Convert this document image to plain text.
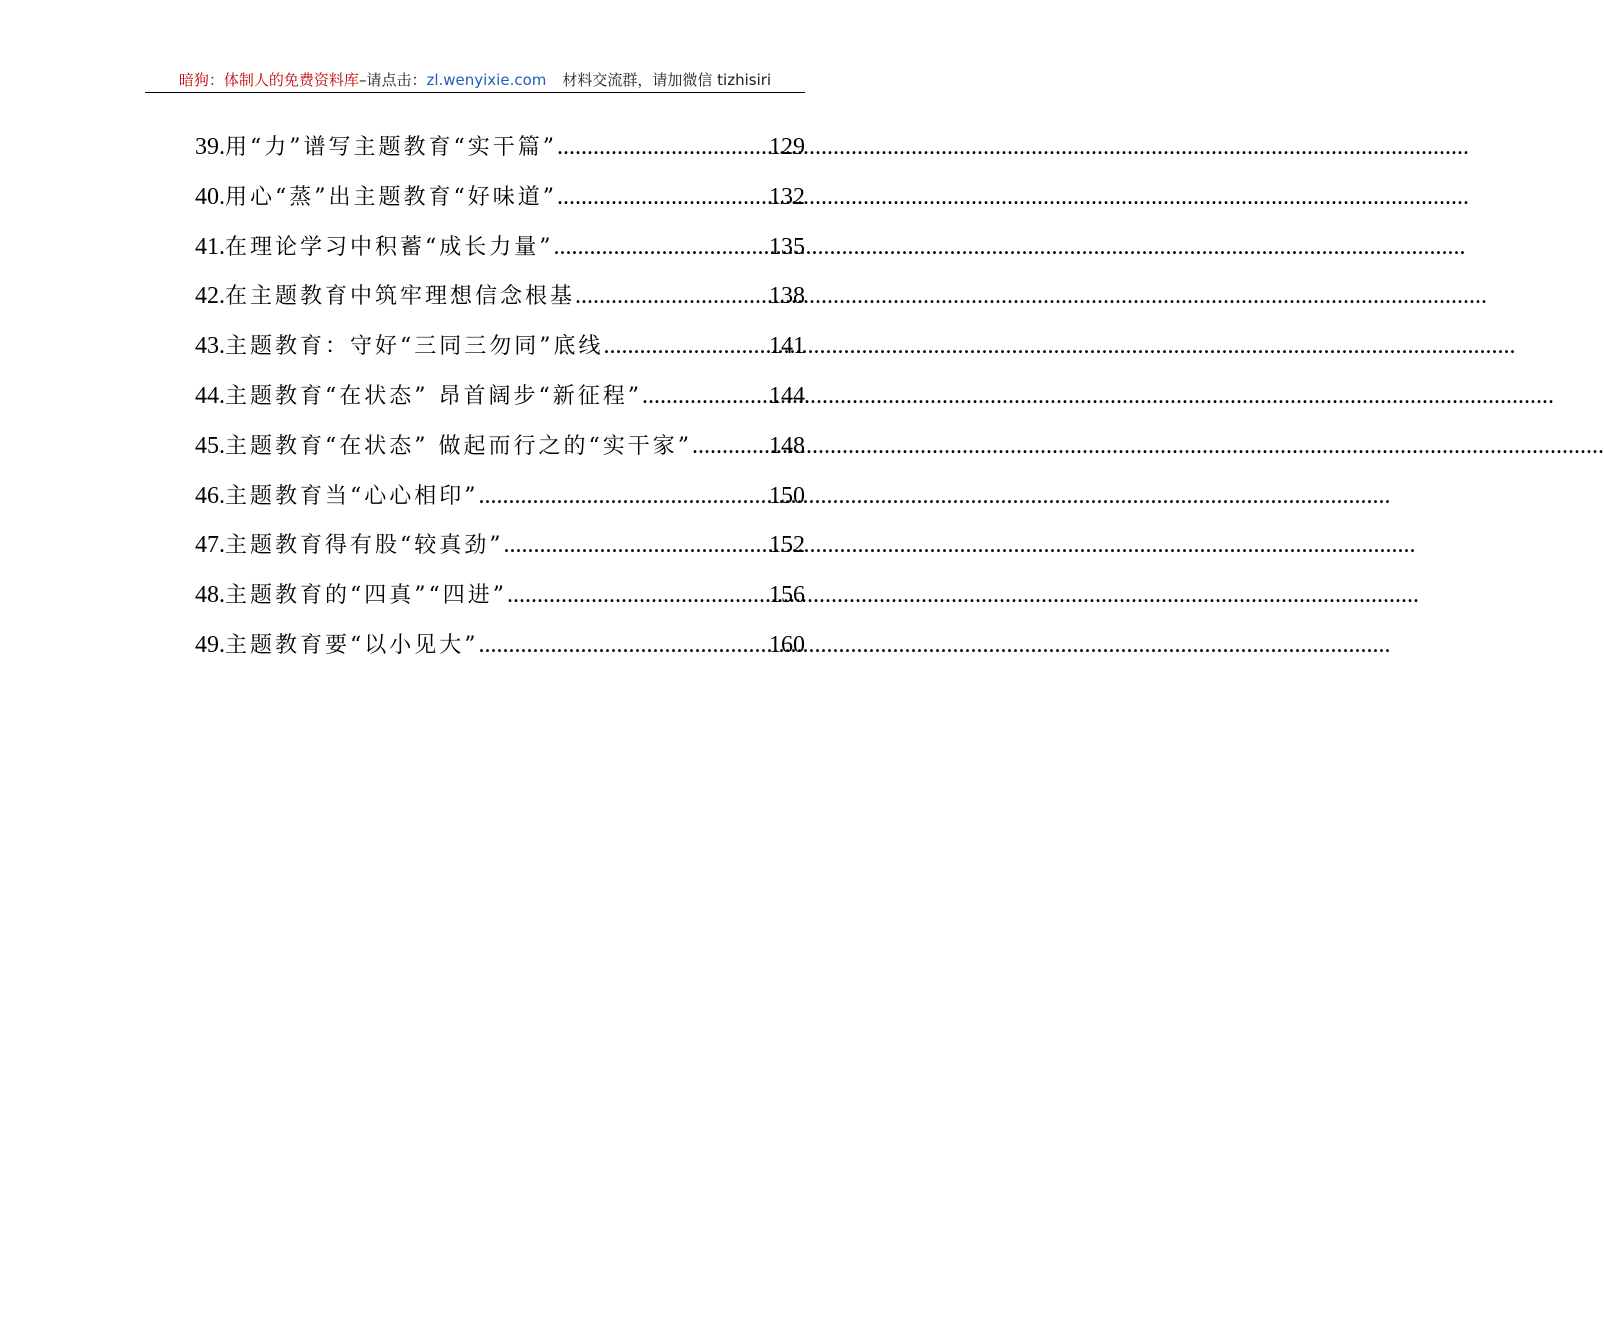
暗狗：体制人的免费资料库–请点击：zl.wenyixie.com 材料交流群，请加微信 tizhisiri
39. 用“力”谱写主题教育“实干篇” .....	129
40. 用心“蒸”出主题教育“好味道” .....	132
41. 在理论学习中积蓄“成长力量” .....	135
42. 在主题教育中筑牢理想信念根基 .....	138
43. 主题教育：守好“三同三勿同”底线 .....	141
44. 主题教育“在状态” 昂首阔步“新征程” .....	144
45. 主题教育“在状态” 做起而行之的“实干家” .....	148
46. 主题教育当“心心相印” .....	150
47. 主题教育得有股“较真劲” .....	152
48. 主题教育的“四真”“四进” .....	156
49. 主题教育要“以小见大” .....	160
